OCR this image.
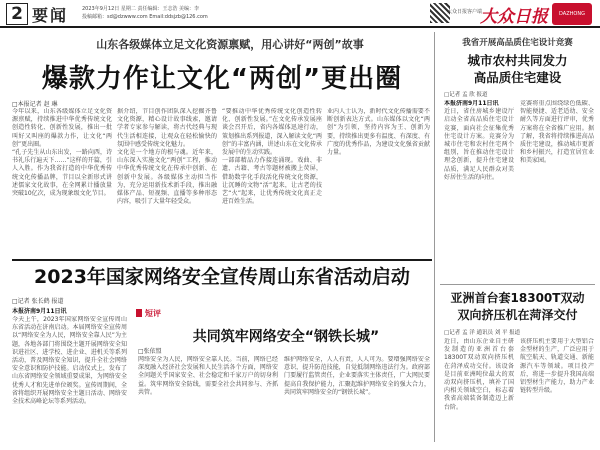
2 要闻	2023年9月12日 星期二 责任编辑：王志浩 美编：李
投稿邮箱：sd@dzwww.com Email:ddsjzb@126.com
大众日报客户端
大众日报	DAZHONG
山东各级媒体立足文化资源禀赋，用心讲好“两创”故事
爆款力作让文化“两创”更出圈
□本报记者 赵 琳

今年以来，山东各级媒体立足文化资源禀赋，持续推进中华优秀传统文化创造性转化、创新性发展，推出一批叫好又叫座的爆款力作，让文化“两创”更出圈。

“孔子先生从山东出发，一路向西，诗书礼乐行遍天下……”这样的开篇，引人入胜。作为我省打造的中华优秀传统文化传播品牌，节目以全新形式讲述儒家文化故事，在全网累计播放量突破10亿次，成为现象级文化节目。

据介绍，节目创作团队深入挖掘齐鲁文化资源，精心设计故事线索，邀请学者专家参与解读，将古代经典与现代生活相连接，让观众在轻松愉快的氛围中感受传统文化魅力。

文化是一个地方的根与魂。近年来，山东深入实施文化“两创”工程，推动中华优秀传统文化在传承中创新、在创新中发展。各级媒体主动担当作为，充分运用新技术新手段，推出融媒体产品、短视频、直播等多种形态内容，吸引了大量年轻受众。

“要推动中华优秀传统文化创造性转化、创新性发展。”在文化传承发展座谈会召开后，省内各媒体迅速行动，策划推出系列报道，深入解读文化“两创”的丰富内涵，讲述山东在文化传承发展中的生动实践。

一部部精品力作接连涌现。戏曲、非遗、古籍、考古等题材被搬上荧屏，借助数字化手段活化传统文化资源，让沉睡的文物“活”起来，让古老的技艺“火”起来，让优秀传统文化真正走进百姓生活。

业内人士认为，新时代文化传播需要不断创新表达方式。山东媒体以文化“两创”为引领，坚持内容为王、创新为要，持续推出更多有温度、有深度、有广度的优秀作品，为建设文化强省贡献力量。

2023年国家网络安全宣传周山东省活动启动
□记者 张长鹤 报道
本报济南9月11日讯
今天上午，2023年国家网络安全宣传周山东省活动在济南启动。本届网络安全宣传周以“网络安全为人民，网络安全靠人民”为主题，各地各部门将围绕主题开展网络安全知识进社区、进学校、进企业、进机关等系列活动，普及网络安全知识，提升全社会网络安全意识和防护技能。启动仪式上，发布了山东省网络安全领域重要成果，为网络安全优秀人才和先进单位颁奖。宣传周期间，全省将组织开展网络安全主题日活动、网络安全技术高峰论坛等系列活动。
短评
共同筑牢网络安全“钢铁长城”
□张依盟
网络安全为人民，网络安全靠人民。当前，网络已经深度融入经济社会发展和人民生活各个方面，网络安全问题关乎国家安全、社会稳定和千家万户的切身利益。筑牢网络安全防线，需要全社会共同参与、齐抓共管。
维护网络安全，人人有责，人人可为。要增强网络安全意识，提升防范技能，自觉抵制网络违法行为。政府部门要履行监管责任，企业要落实主体责任，广大网民要提高自我保护能力，汇聚起维护网络安全的强大合力，共同筑牢网络安全的“钢铁长城”。
我省开展高品质住宅设计竞赛
城市农村共同发力
高品质住宅建设
□记者 孟 欣 报道

本报济南9月11日讯

近日，省住房城乡建设厅启动全省高品质住宅设计竞赛，面向社会征集优秀住宅设计方案。竞赛分为城市住宅和农村住宅两个组别，旨在推动住宅设计理念创新，提升住宅建设品质，满足人民群众对美好居住生活的向往。

竞赛将重点围绕绿色低碳、智能便捷、适老适幼、安全耐久等方面进行评审，优秀方案将在全省推广应用。据了解，我省将持续推进高品质住宅建设，推动城市更新和乡村振兴，打造宜居宜业和美家园。
亚洲首台套18300T双动
双向挤压机在菏泽交付
□记者 孟 洋 通讯员 刘 平 报道
近日，由山东企业自主研发制造的亚洲首台套18300T双动双向挤压机在菏泽成功交付。该设备是目前亚洲吨位最大的双动双向挤压机，填补了国内相关领域空白，标志着我省高端装备制造迈上新台阶。
该挤压机主要用于大型铝合金型材的生产，广泛应用于航空航天、轨道交通、新能源汽车等领域。项目投产后，将进一步提升我国高端铝型材生产能力，助力产业链转型升级。
